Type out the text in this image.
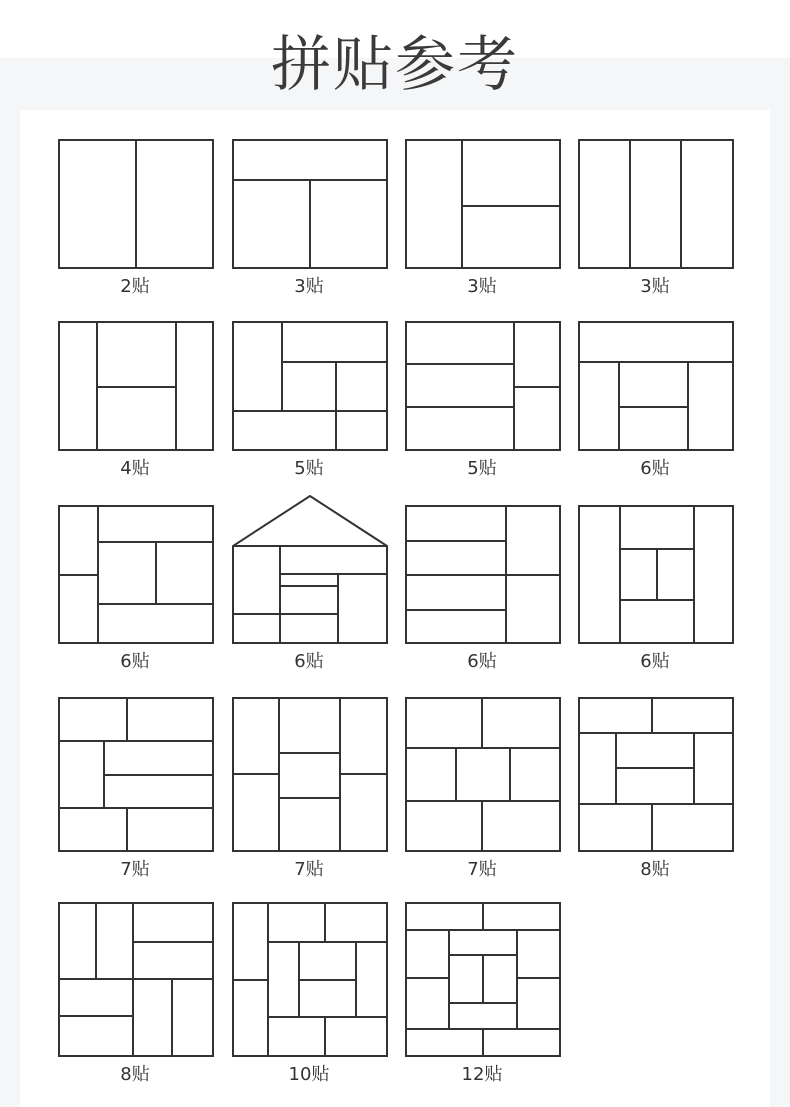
拼贴参考
2贴	3贴	3贴	3贴
4贴	5贴	5贴	6贴
6贴	6贴	6贴	6贴
7贴	7贴	7贴	8贴
8贴	10贴	12贴
